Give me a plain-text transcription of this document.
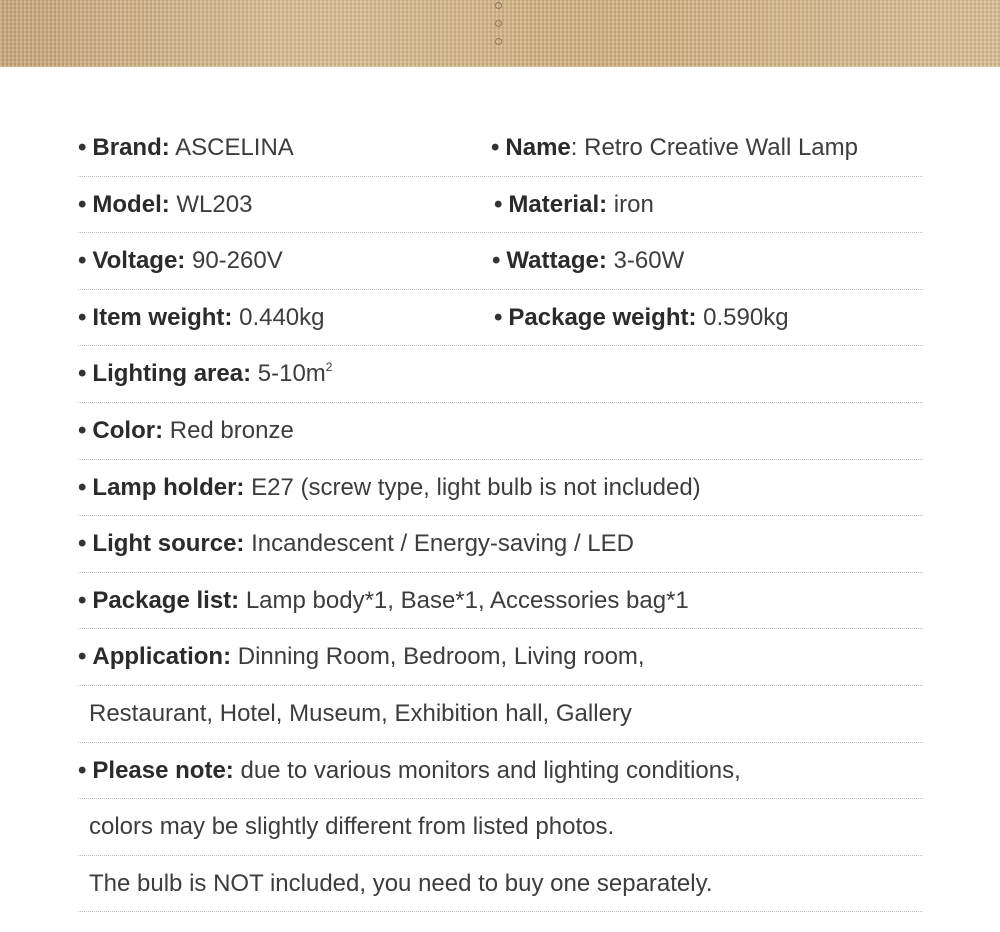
• Brand: ASCELINA	• Name: Retro Creative Wall Lamp
• Model: WL203	• Material: iron
• Voltage: 90-260V	• Wattage: 3-60W
• Item weight: 0.440kg	• Package weight: 0.590kg
• Lighting area: $5-10m^2$
• Color: Red bronze
• Lamp holder: E27 (screw type, light bulb is not included)
• Light source: Incandescent / Energy-saving / LED
• Package list: Lamp body*1, Base*1, Accessories bag*1
• Application: Dinning Room, Bedroom, Living room,
Restaurant, Hotel, Museum, Exhibition hall, Gallery
• Please note: due to various monitors and lighting conditions,
colors may be slightly different from listed photos.
The bulb is NOT included, you need to buy one separately.
